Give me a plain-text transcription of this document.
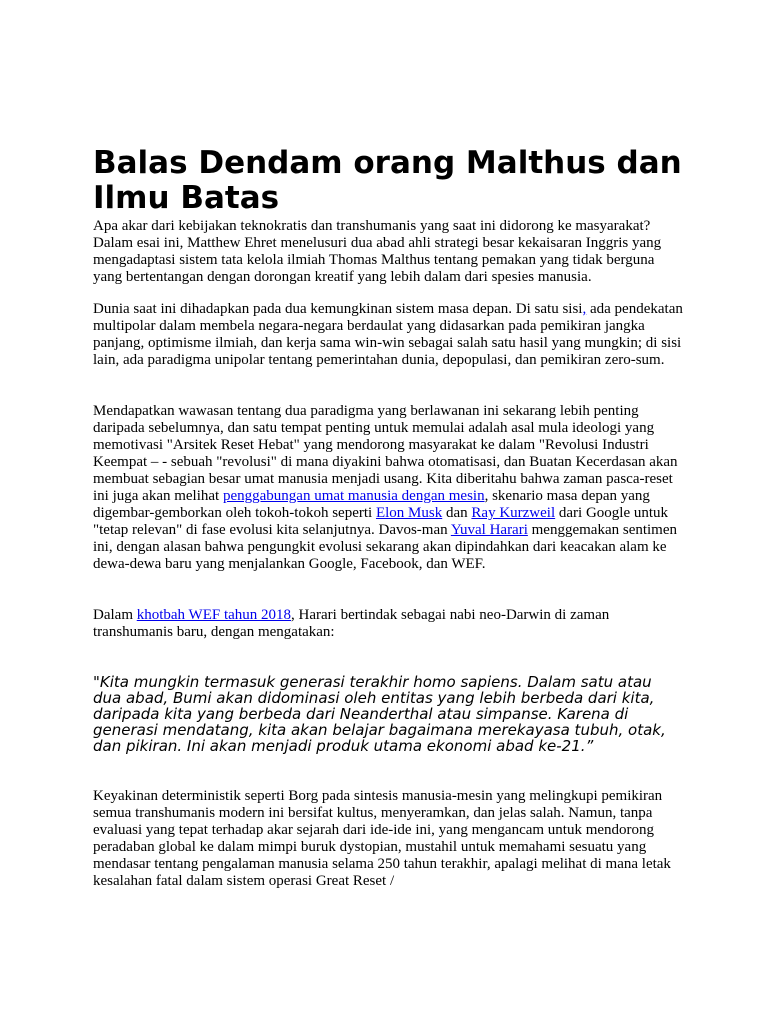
Balas Dendam orang Malthus dan Ilmu Batas

Apa akar dari kebijakan teknokratis dan transhumanis yang saat ini didorong ke masyarakat? Dalam esai ini, Matthew Ehret menelusuri dua abad ahli strategi besar kekaisaran Inggris yang mengadaptasi sistem tata kelola ilmiah Thomas Malthus tentang pemakan yang tidak berguna yang bertentangan dengan dorongan kreatif yang lebih dalam dari spesies manusia.

Dunia saat ini dihadapkan pada dua kemungkinan sistem masa depan. Di satu sisi, ada pendekatan multipolar dalam membela negara-negara berdaulat yang didasarkan pada pemikiran jangka panjang, optimisme ilmiah, dan kerja sama win-win sebagai salah satu hasil yang mungkin; di sisi lain, ada paradigma unipolar tentang pemerintahan dunia, depopulasi, dan pemikiran zero-sum.

Mendapatkan wawasan tentang dua paradigma yang berlawanan ini sekarang lebih penting daripada sebelumnya, dan satu tempat penting untuk memulai adalah asal mula ideologi yang memotivasi "Arsitek Reset Hebat" yang mendorong masyarakat ke dalam "Revolusi Industri Keempat – - sebuah "revolusi" di mana diyakini bahwa otomatisasi, dan Buatan Kecerdasan akan membuat sebagian besar umat manusia menjadi usang. Kita diberitahu bahwa zaman pasca-reset ini juga akan melihat penggabungan umat manusia dengan mesin, skenario masa depan yang digembar-gemborkan oleh tokoh-tokoh seperti Elon Musk dan Ray Kurzweil dari Google untuk "tetap relevan" di fase evolusi kita selanjutnya. Davos-man Yuval Harari menggemakan sentimen ini, dengan alasan bahwa pengungkit evolusi sekarang akan dipindahkan dari keacakan alam ke dewa-dewa baru yang menjalankan Google, Facebook, dan WEF.

Dalam khotbah WEF tahun 2018, Harari bertindak sebagai nabi neo-Darwin di zaman transhumanis baru, dengan mengatakan:

"Kita mungkin termasuk generasi terakhir homo sapiens. Dalam satu atau dua abad, Bumi akan didominasi oleh entitas yang lebih berbeda dari kita, daripada kita yang berbeda dari Neanderthal atau simpanse. Karena di generasi mendatang, kita akan belajar bagaimana merekayasa tubuh, otak, dan pikiran. Ini akan menjadi produk utama ekonomi abad ke-21.”

Keyakinan deterministik seperti Borg pada sintesis manusia-mesin yang melingkupi pemikiran semua transhumanis modern ini bersifat kultus, menyeramkan, dan jelas salah. Namun, tanpa evaluasi yang tepat terhadap akar sejarah dari ide-ide ini, yang mengancam untuk mendorong peradaban global ke dalam mimpi buruk dystopian, mustahil untuk memahami sesuatu yang mendasar tentang pengalaman manusia selama 250 tahun terakhir, apalagi melihat di mana letak kesalahan fatal dalam sistem operasi Great Reset /
